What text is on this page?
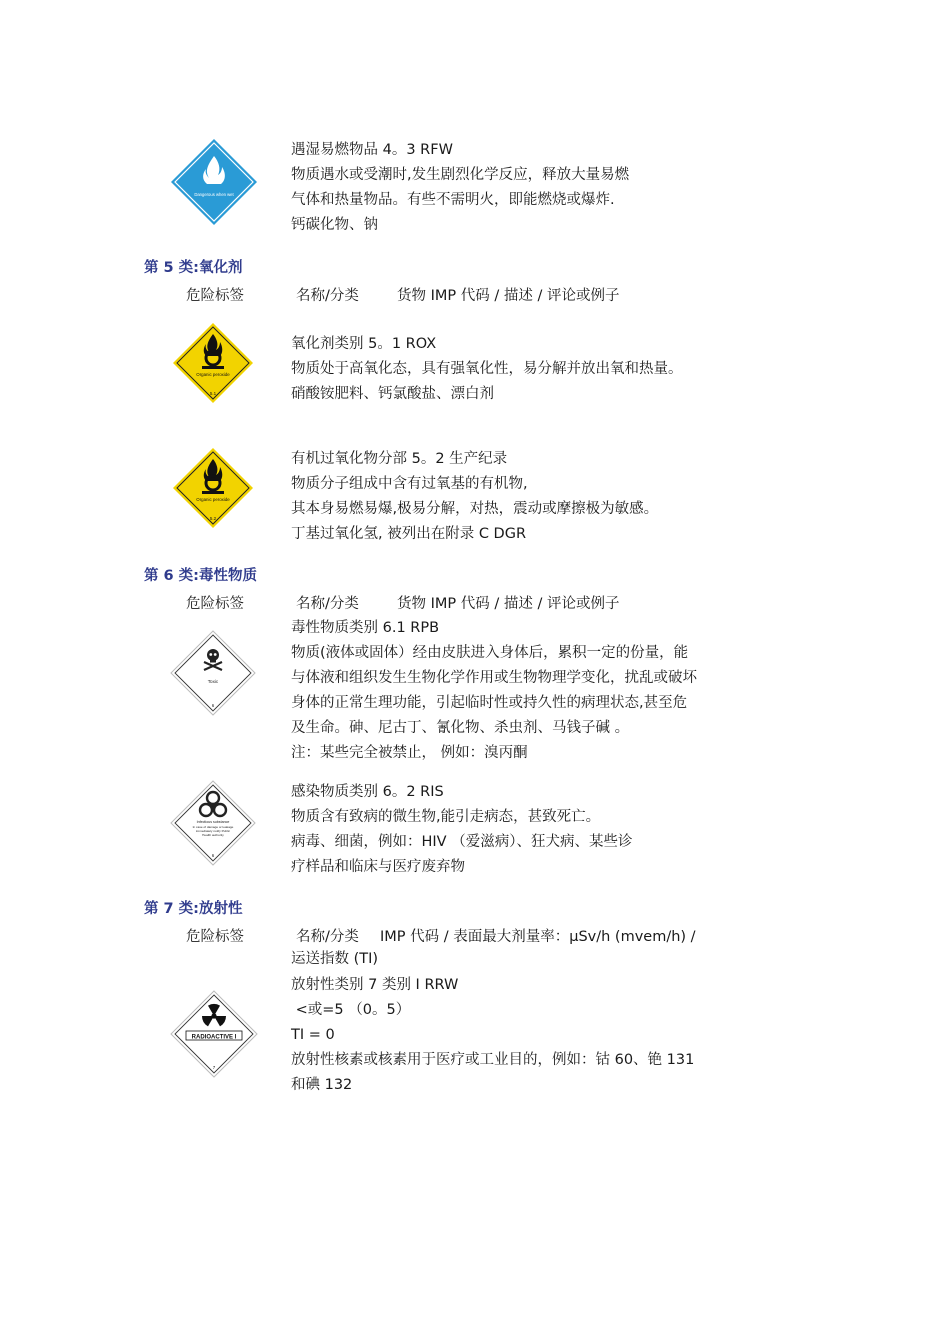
Dangerous when wet
遇湿易燃物品 4。3 RFW
物质遇水或受潮时,发生剧烈化学反应，释放大量易燃
气体和热量物品。有些不需明火，即能燃烧或爆炸.
钙碳化物、钠
第 5 类:氧化剂
危险标签	名称/分类	货物 IMP 代码 / 描述 / 评论或例子
Organic peroxide
5.1
氧化剂类别 5。1 ROX
物质处于高氧化态，具有强氧化性，易分解并放出氧和热量。
硝酸铵肥料、钙氯酸盐、漂白剂
Organic peroxide
5.2
有机过氧化物分部 5。2 生产纪录
物质分子组成中含有过氧基的有机物,
其本身易燃易爆,极易分解，对热，震动或摩擦极为敏感。
丁基过氧化氢, 被列出在附录 C DGR
第 6 类:毒性物质
危险标签	名称/分类	货物 IMP 代码 / 描述 / 评论或例子
Toxic
6
毒性物质类别 6.1 RPB
物质(液体或固体）经由皮肤进入身体后，累积一定的份量，能
与体液和组织发生生物化学作用或生物物理学变化，扰乱或破坏
身体的正常生理功能，引起临时性或持久性的病理状态,甚至危
及生命。砷、尼古丁、氰化物、杀虫剂、马钱子碱 。
注：某些完全被禁止， 例如：溴丙酮
Infectious substance
In case of damage or leakage
immediately notify Public
Health authority
6
感染物质类别 6。2 RIS
物质含有致病的微生物,能引走病态，甚致死亡。
病毒、细菌，例如：HIV （爱滋病）、狂犬病、某些诊
疗样品和临床与医疗废弃物
第 7 类:放射性
危险标签	名称/分类 IMP 代码 / 表面最大剂量率：μSv/h (mvem/h) /
运送指数 (TI)
RADIOACTIVE I
7
放射性类别 7 类别 I RRW
<或=5 （0。5）
TI = 0
放射性核素或核素用于医疗或工业目的，例如：钴 60、铯 131
和碘 132
